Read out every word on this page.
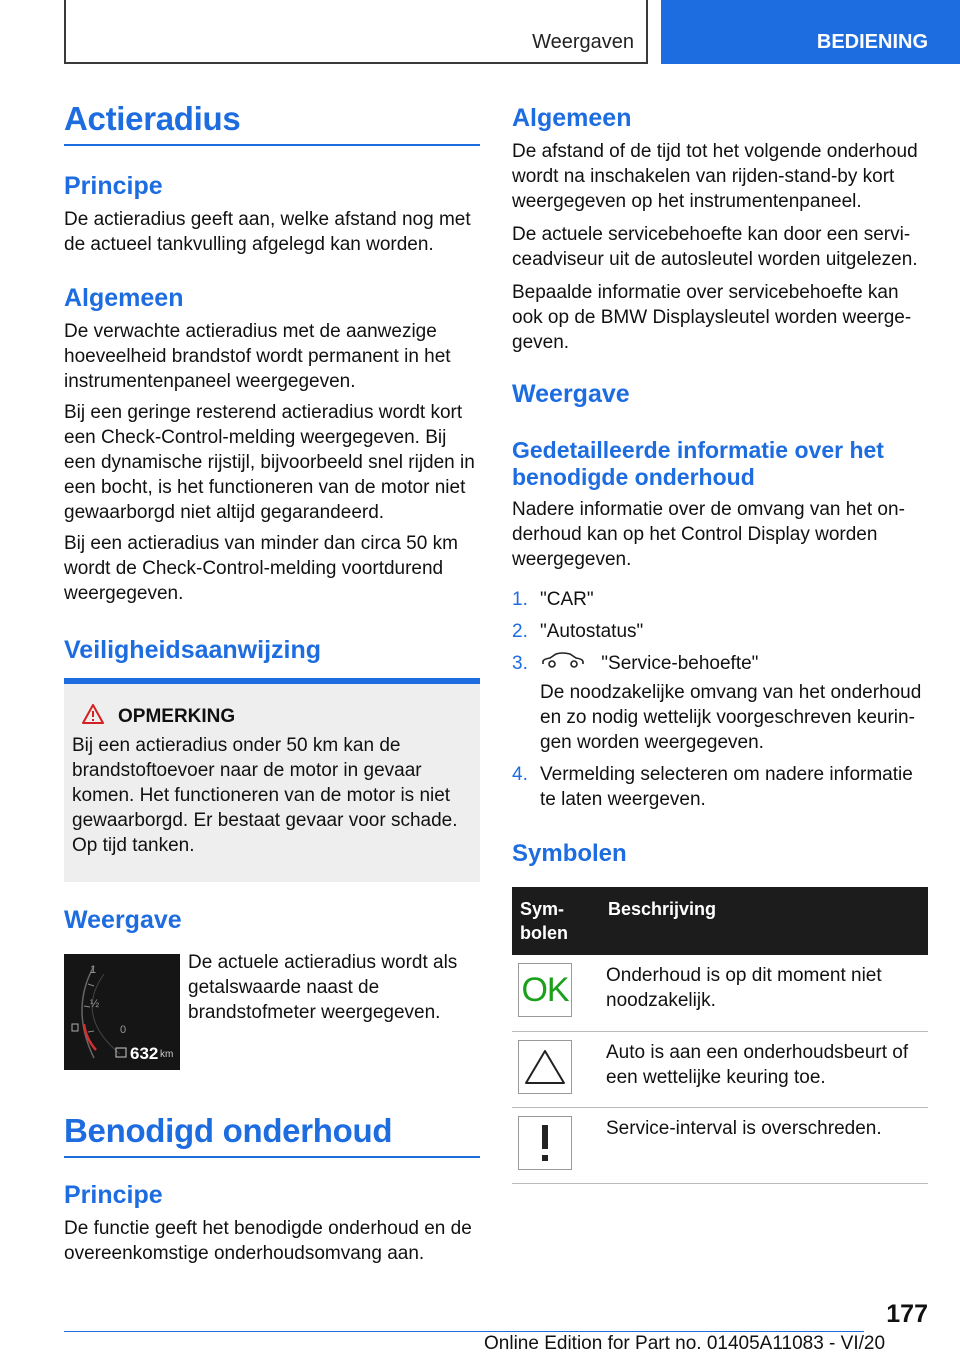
Weergaven	BEDIENING
Actieradius
Principe

De actieradius geeft aan, welke afstand nog met de actueel tankvulling afgelegd kan worden.

Algemeen

De verwachte actieradius met de aanwezige hoeveelheid brandstof wordt permanent in het instrumentenpaneel weergegeven.

Bij een geringe resterend actieradius wordt kort een Check-Control-melding weergegeven. Bij een dynamische rijstijl, bijvoorbeeld snel rijden in een bocht, is het functioneren van de motor niet gewaarborgd niet altijd gegarandeerd.

Bij een actieradius van minder dan circa 50 km wordt de Check-Control-melding voortdurend weergegeven.

Veiligheidsaanwijzing
OPMERKING

Bij een actieradius onder 50 km kan de brandstoftoevoer naar de motor in gevaar komen. Het functioneren van de motor is niet gewaarborgd. Er bestaat gevaar voor schade. Op tijd tanken.

Weergave

De actuele actieradius wordt als getalswaarde naast de brandstofmeter weergegeven.

1
½
0
632 km
Benodigd onderhoud
Principe

De functie geeft het benodigde onderhoud en de overeenkomstige onderhoudsomvang aan.

Algemeen

De afstand of de tijd tot het volgende onderhoud wordt na inschakelen van rijden-stand-by kort weergegeven op het instrumentenpaneel.

De actuele servicebehoefte kan door een serviceadviseur uit de autosleutel worden uitgelezen.

Bepaalde informatie over servicebehoefte kan ook op de BMW Displaysleutel worden weergegeven.

Weergave
Gedetailleerde informatie over het benodigde onderhoud

Nadere informatie over de omvang van het onderhoud kan op het Control Display worden weergegeven.

1. "CAR"
2. "Autostatus"
3.	"Service-behoefte"

De noodzakelijke omvang van het onderhoud en zo nodig wettelijk voorgeschreven keuringen worden weergegeven.

4. Vermelding selecteren om nadere informatie te laten weergeven.
Symbolen
Symbolen	Beschrijving

OK	Onderhoud is op dit moment niet noodzakelijk.

	Auto is aan een onderhoudsbeurt of een wettelijke keuring toe.

	Service-interval is overschreden.
177
Online Edition for Part no. 01405A11083 - VI/20
